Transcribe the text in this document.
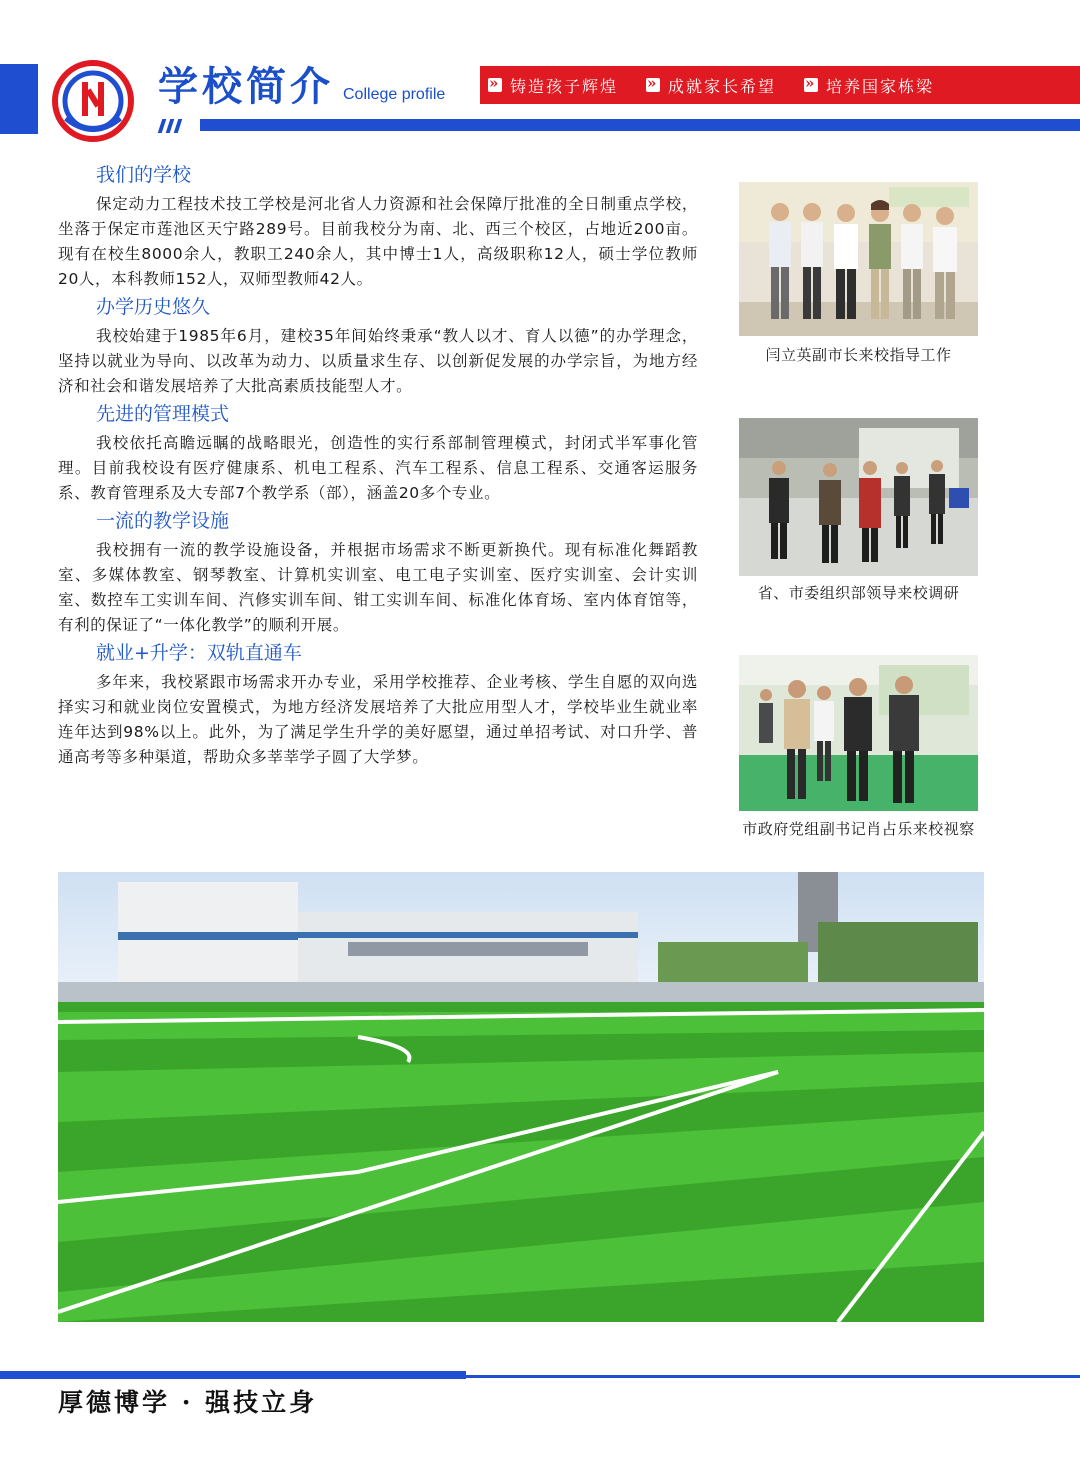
学校简介 College profile »	铸造孩子辉煌 »	成就家长希望 »	培养国家栋梁
我们的学校

保定动力工程技术技工学校是河北省人力资源和社会保障厅批准的全日制重点学校，坐落于保定市莲池区天宁路289号。目前我校分为南、北、西三个校区，占地近200亩。现有在校生8000余人，教职工240余人，其中博士1人，高级职称12人，硕士学位教师20人，本科教师152人，双师型教师42人。

办学历史悠久

我校始建于1985年6月，建校35年间始终秉承“教人以才、育人以德”的办学理念，坚持以就业为导向、以改革为动力、以质量求生存、以创新促发展的办学宗旨，为地方经济和社会和谐发展培养了大批高素质技能型人才。

先进的管理模式

我校依托高瞻远瞩的战略眼光，创造性的实行系部制管理模式，封闭式半军事化管理。目前我校设有医疗健康系、机电工程系、汽车工程系、信息工程系、交通客运服务系、教育管理系及大专部7个教学系（部），涵盖20多个专业。

一流的教学设施

我校拥有一流的教学设施设备，并根据市场需求不断更新换代。现有标准化舞蹈教室、多媒体教室、钢琴教室、计算机实训室、电工电子实训室、医疗实训室、会计实训室、数控车工实训车间、汽修实训车间、钳工实训车间、标准化体育场、室内体育馆等，有利的保证了“一体化教学”的顺利开展。

就业+升学：双轨直通车

多年来，我校紧跟市场需求开办专业，采用学校推荐、企业考核、学生自愿的双向选择实习和就业岗位安置模式，为地方经济发展培养了大批应用型人才，学校毕业生就业率连年达到98%以上。此外，为了满足学生升学的美好愿望，通过单招考试、对口升学、普通高考等多种渠道，帮助众多莘莘学子圆了大学梦。

闫立英副市长来校指导工作
省、市委组织部领导来校调研
市政府党组副书记肖占乐来校视察
厚德博学 · 强技立身
